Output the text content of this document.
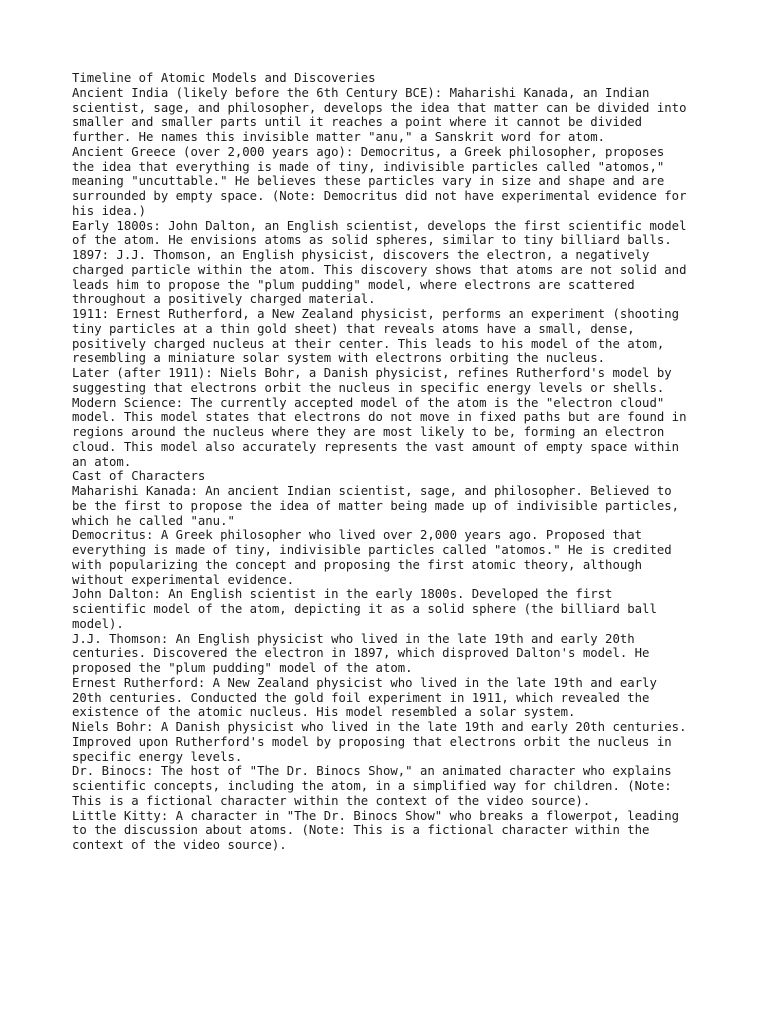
Timeline of Atomic Models and Discoveries
Ancient India (likely before the 6th Century BCE): Maharishi Kanada, an Indian
scientist, sage, and philosopher, develops the idea that matter can be divided into
smaller and smaller parts until it reaches a point where it cannot be divided
further. He names this invisible matter "anu," a Sanskrit word for atom.
Ancient Greece (over 2,000 years ago): Democritus, a Greek philosopher, proposes
the idea that everything is made of tiny, indivisible particles called "atomos,"
meaning "uncuttable." He believes these particles vary in size and shape and are
surrounded by empty space. (Note: Democritus did not have experimental evidence for
his idea.)
Early 1800s: John Dalton, an English scientist, develops the first scientific model
of the atom. He envisions atoms as solid spheres, similar to tiny billiard balls.
1897: J.J. Thomson, an English physicist, discovers the electron, a negatively
charged particle within the atom. This discovery shows that atoms are not solid and
leads him to propose the "plum pudding" model, where electrons are scattered
throughout a positively charged material.
1911: Ernest Rutherford, a New Zealand physicist, performs an experiment (shooting
tiny particles at a thin gold sheet) that reveals atoms have a small, dense,
positively charged nucleus at their center. This leads to his model of the atom,
resembling a miniature solar system with electrons orbiting the nucleus.
Later (after 1911): Niels Bohr, a Danish physicist, refines Rutherford's model by
suggesting that electrons orbit the nucleus in specific energy levels or shells.
Modern Science: The currently accepted model of the atom is the "electron cloud"
model. This model states that electrons do not move in fixed paths but are found in
regions around the nucleus where they are most likely to be, forming an electron
cloud. This model also accurately represents the vast amount of empty space within
an atom.
Cast of Characters
Maharishi Kanada: An ancient Indian scientist, sage, and philosopher. Believed to
be the first to propose the idea of matter being made up of indivisible particles,
which he called "anu."
Democritus: A Greek philosopher who lived over 2,000 years ago. Proposed that
everything is made of tiny, indivisible particles called "atomos." He is credited
with popularizing the concept and proposing the first atomic theory, although
without experimental evidence.
John Dalton: An English scientist in the early 1800s. Developed the first
scientific model of the atom, depicting it as a solid sphere (the billiard ball
model).
J.J. Thomson: An English physicist who lived in the late 19th and early 20th
centuries. Discovered the electron in 1897, which disproved Dalton's model. He
proposed the "plum pudding" model of the atom.
Ernest Rutherford: A New Zealand physicist who lived in the late 19th and early
20th centuries. Conducted the gold foil experiment in 1911, which revealed the
existence of the atomic nucleus. His model resembled a solar system.
Niels Bohr: A Danish physicist who lived in the late 19th and early 20th centuries.
Improved upon Rutherford's model by proposing that electrons orbit the nucleus in
specific energy levels.
Dr. Binocs: The host of "The Dr. Binocs Show," an animated character who explains
scientific concepts, including the atom, in a simplified way for children. (Note:
This is a fictional character within the context of the video source).
Little Kitty: A character in "The Dr. Binocs Show" who breaks a flowerpot, leading
to the discussion about atoms. (Note: This is a fictional character within the
context of the video source).
